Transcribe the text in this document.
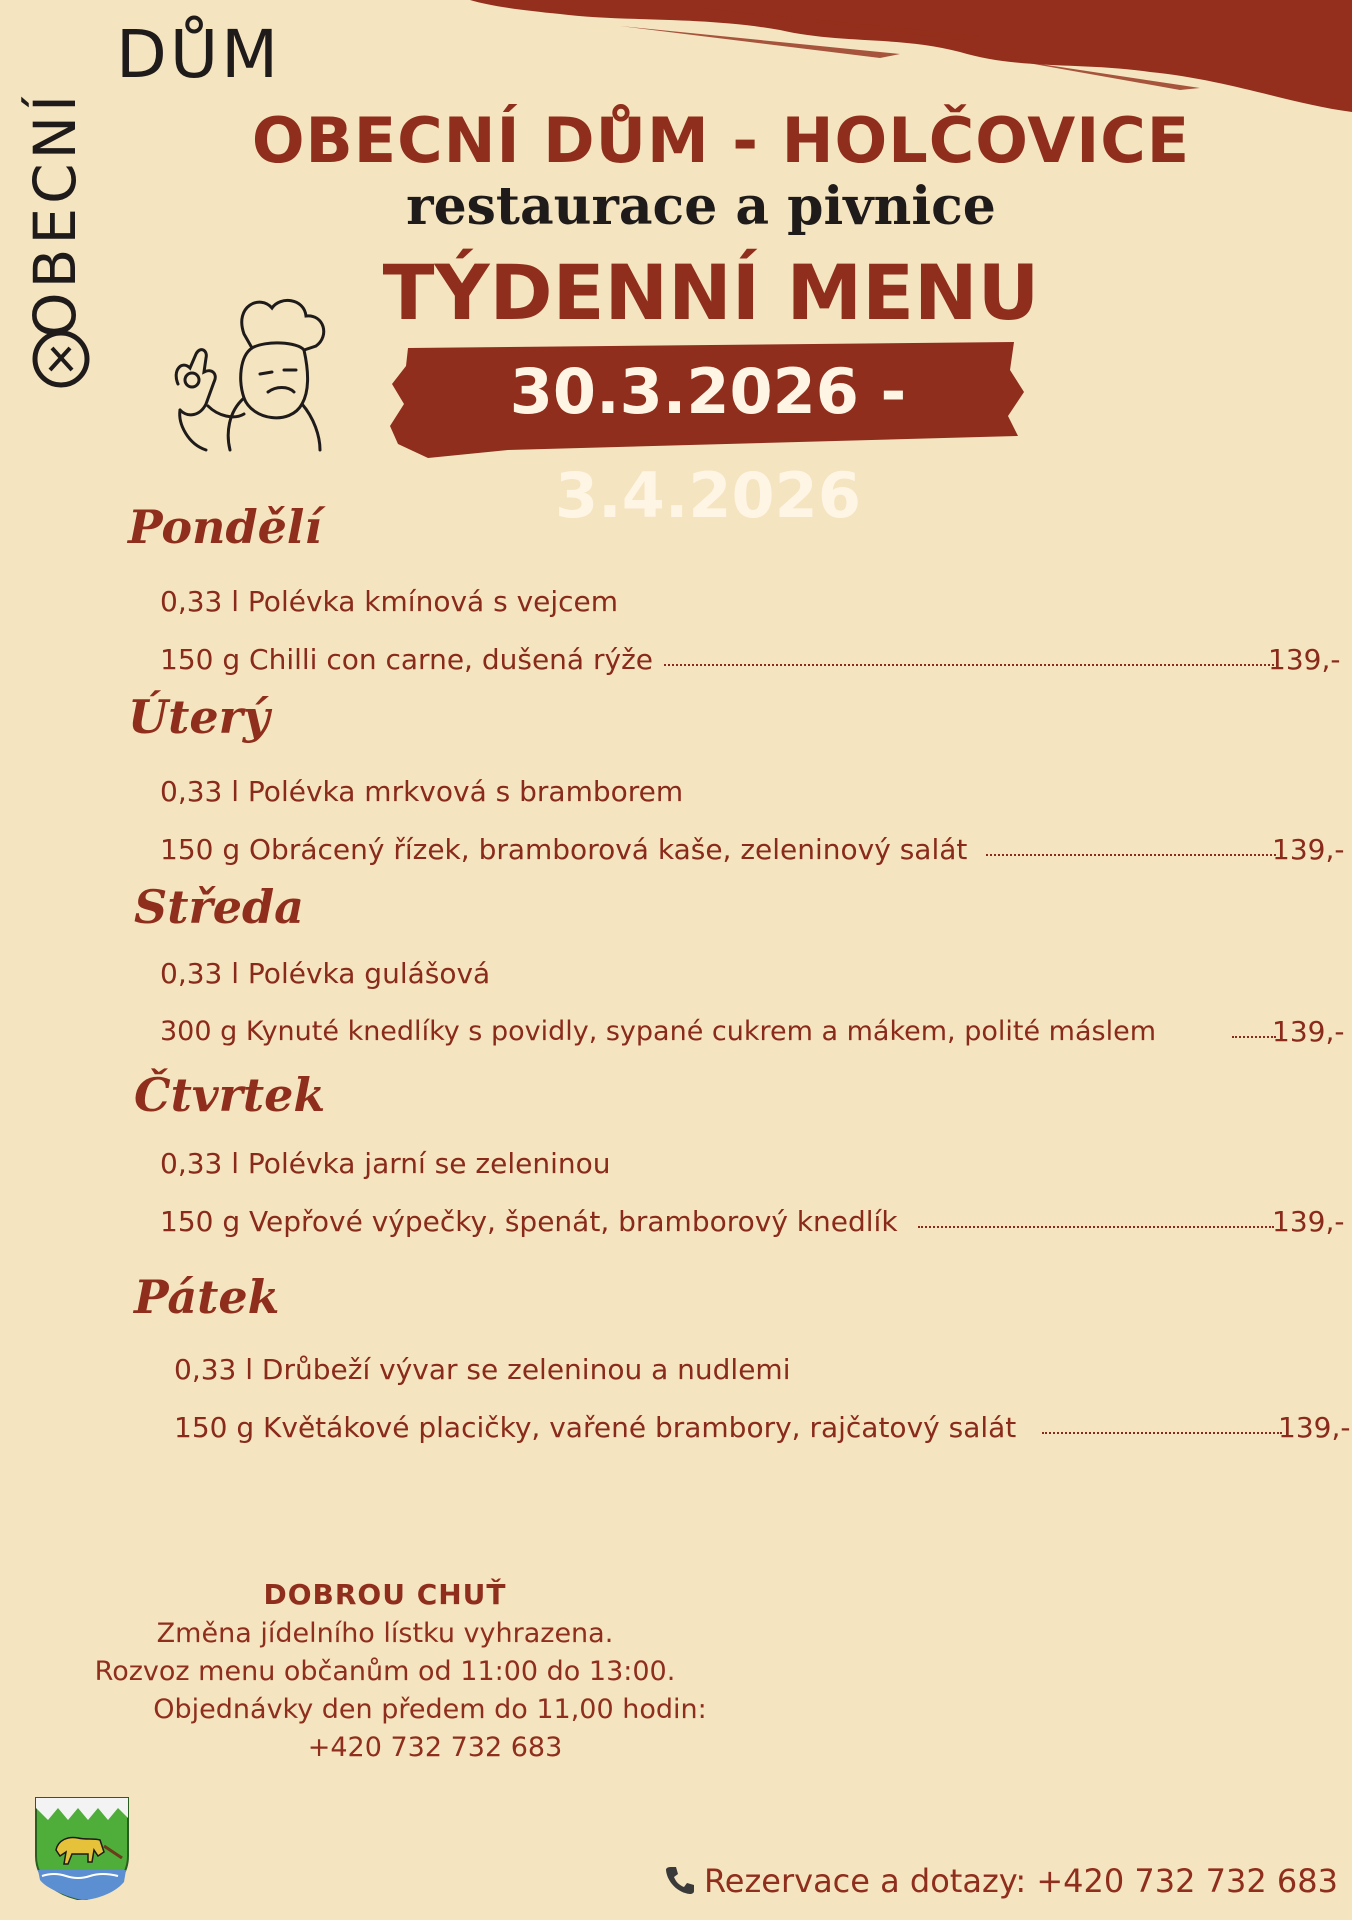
OBECNÍ
DŮM
OBECNÍ DŮM - HOLČOVICE
restaurace a pivnice
TÝDENNÍ MENU
30.3.2026 - 3.4.2026
Pondělí
0,33 l Polévka kmínová s vejcem
150 g Chilli con carne, dušená rýže	139,-
Úterý
0,33 l Polévka mrkvová s bramborem
150 g Obrácený řízek, bramborová kaše, zeleninový salát	139,-
Středa
0,33 l Polévka gulášová
300 g Kynuté knedlíky s povidly, sypané cukrem a mákem, polité máslem	139,-
Čtvrtek
0,33 l Polévka jarní se zeleninou
150 g Vepřové výpečky, špenát, bramborový knedlík	139,-
Pátek
0,33 l Drůbeží vývar se zeleninou a nudlemi
150 g Květákové placičky, vařené brambory, rajčatový salát	139,-
DOBROU CHUŤ
Změna jídelního lístku vyhrazena.
Rozvoz menu občanům od 11:00 do 13:00.
Objednávky den předem do 11,00 hodin:
+420 732 732 683
Rezervace a dotazy: +420 732 732 683
